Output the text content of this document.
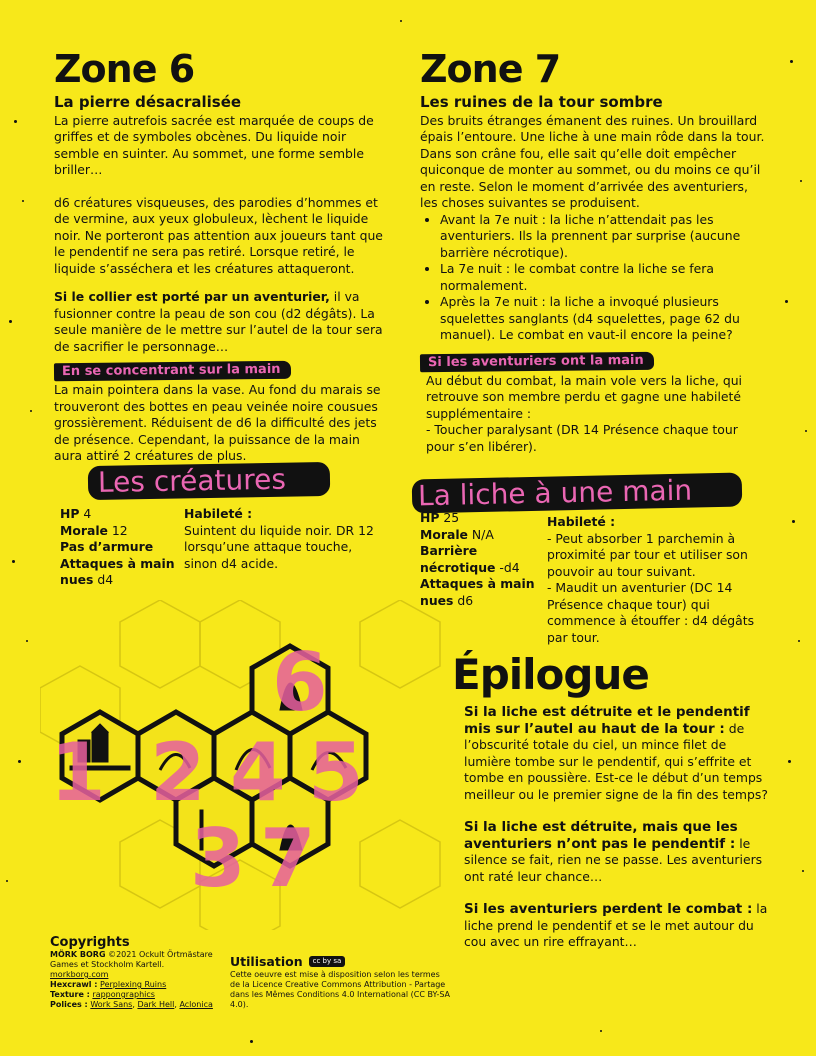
Zone 6
La pierre désacralisée

La pierre autrefois sacrée est marquée de coups de griffes et de symboles obcènes. Du liquide noir semble en suinter. Au sommet, une forme semble briller…

d6 créatures visqueuses, des parodies d’hommes et de vermine, aux yeux globuleux, lèchent le liquide noir. Ne porteront pas attention aux joueurs tant que le pendentif ne sera pas retiré. Lorsque retiré, le liquide s’asséchera et les créatures attaqueront.

Si le collier est porté par un aventurier, il va fusionner contre la peau de son cou (d2 dégâts). La seule manière de le mettre sur l’autel de la tour sera de sacrifier le personnage…

En se concentrant sur la main

La main pointera dans la vase. Au fond du marais se trouveront des bottes en peau veinée noire cousues grossièrement. Réduisent de d6 la difficulté des jets de présence. Cependant, la puissance de la main aura attiré 2 créatures de plus.

Zone 7
Les ruines de la tour sombre

Des bruits étranges émanent des ruines. Un brouillard épais l’entoure. Une liche à une main rôde dans la tour. Dans son crâne fou, elle sait qu’elle doit empêcher quiconque de monter au sommet, ou du moins ce qu’il en reste. Selon le moment d’arrivée des aventuriers, les choses suivantes se produisent.

• Avant la 7e nuit : la liche n’attendait pas les aventuriers. Ils la prennent par surprise (aucune barrière nécrotique).
• La 7e nuit : le combat contre la liche se fera normalement.
• Après la 7e nuit : la liche a invoqué plusieurs squelettes sanglants (d4 squelettes, page 62 du manuel). Le combat en vaut-il encore la peine?
Si les aventuriers ont la main

Au début du combat, la main vole vers la liche, qui retrouve son membre perdu et gagne une habileté supplémentaire :

- Toucher paralysant (DR 14 Présence chaque tour pour s’en libérer).

Les créatures

HP 4

Morale 12

Pas d’armure

Attaques à main nues d4

Habileté :

Suintent du liquide noir. DR 12 lorsqu’une attaque touche, sinon d4 acide.

La liche à une main

HP 25

Morale N/A

Barrière nécrotique -d4

Attaques à main nues d6

Habileté :

- Peut absorber 1 parchemin à proximité par tour et utiliser son pouvoir au tour suivant.

- Maudit un aventurier (DC 14 Présence chaque tour) qui commence à étouffer : d4 dégâts par tour.

1 2 4 5
6
3 7
Épilogue

Si la liche est détruite et le pendentif mis sur l’autel au haut de la tour : de l’obscurité totale du ciel, un mince filet de lumière tombe sur le pendentif, qui s’effrite et tombe en poussière. Est-ce le début d’un temps meilleur ou le premier signe de la fin des temps?

Si la liche est détruite, mais que les aventuriers n’ont pas le pendentif : le silence se fait, rien ne se passe. Les aventuriers ont raté leur chance…

Si les aventuriers perdent le combat : la liche prend le pendentif et se le met autour du cou avec un rire effrayant…

Copyrights

MÖRK BORG ©2021 Ockult Örtmästare Games et Stockholm Kartell. morkborg.com

Hexcrawl : Perplexing Ruins

Texture : rappongraphics

Polices : Work Sans, Dark Hell, Aclonica

Utilisation	cc by sa

Cette oeuvre est mise à disposition selon les termes de la Licence Creative Commons Attribution - Partage dans les Mêmes Conditions 4.0 International (CC BY-SA 4.0).
